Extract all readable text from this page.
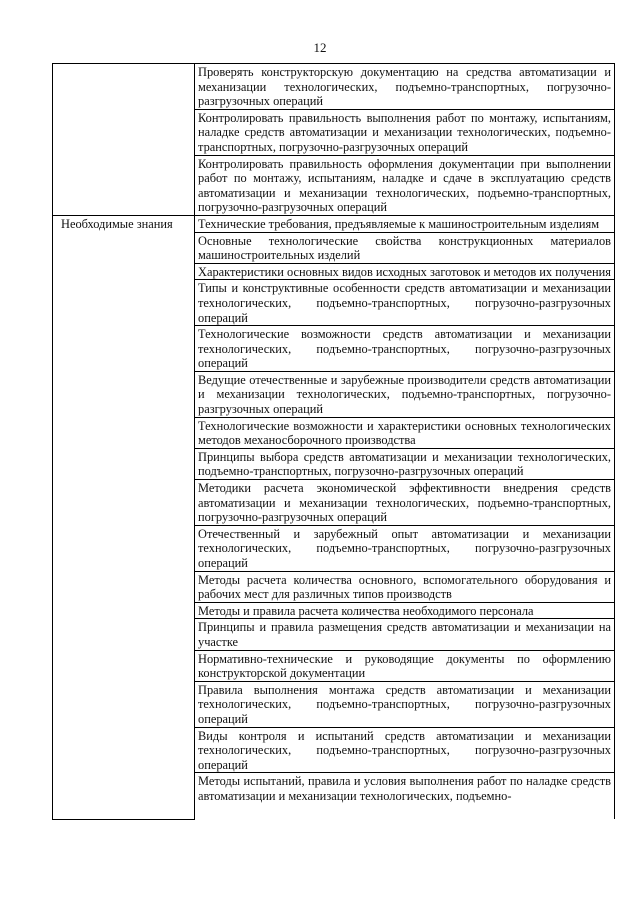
12
	Проверять конструкторскую документацию на средства автоматизации и механизации технологических, подъемно-транспортных, погрузочно-разгрузочных операций
	Контролировать правильность выполнения работ по монтажу, испытаниям, наладке средств автоматизации и механизации технологических, подъемно-транспортных, погрузочно-разгрузочных операций
	Контролировать правильность оформления документации при выполнении работ по монтажу, испытаниям, наладке и сдаче в эксплуатацию средств автоматизации и механизации технологических, подъемно-транспортных, погрузочно-разгрузочных операций

Необходимые знания	Технические требования, предъявляемые к машиностроительным изделиям
	Основные технологические свойства конструкционных материалов машиностроительных изделий
	Характеристики основных видов исходных заготовок и методов их получения
	Типы и конструктивные особенности средств автоматизации и механизации технологических, подъемно-транспортных, погрузочно-разгрузочных операций
	Технологические возможности средств автоматизации и механизации технологических, подъемно-транспортных, погрузочно-разгрузочных операций
	Ведущие отечественные и зарубежные производители средств автоматизации и механизации технологических, подъемно-транспортных, погрузочно-разгрузочных операций
	Технологические возможности и характеристики основных технологических методов механосборочного производства
	Принципы выбора средств автоматизации и механизации технологических, подъемно-транспортных, погрузочно-разгрузочных операций
	Методики расчета экономической эффективности внедрения средств автоматизации и механизации технологических, подъемно-транспортных, погрузочно-разгрузочных операций
	Отечественный и зарубежный опыт автоматизации и механизации технологических, подъемно-транспортных, погрузочно-разгрузочных операций
	Методы расчета количества основного, вспомогательного оборудования и рабочих мест для различных типов производств
	Методы и правила расчета количества необходимого персонала
	Принципы и правила размещения средств автоматизации и механизации на участке
	Нормативно-технические и руководящие документы по оформлению конструкторской документации
	Правила выполнения монтажа средств автоматизации и механизации технологических, подъемно-транспортных, погрузочно-разгрузочных операций
	Виды контроля и испытаний средств автоматизации и механизации технологических, подъемно-транспортных, погрузочно-разгрузочных операций
	Методы испытаний, правила и условия выполнения работ по наладке средств автоматизации и механизации технологических, подъемно-
